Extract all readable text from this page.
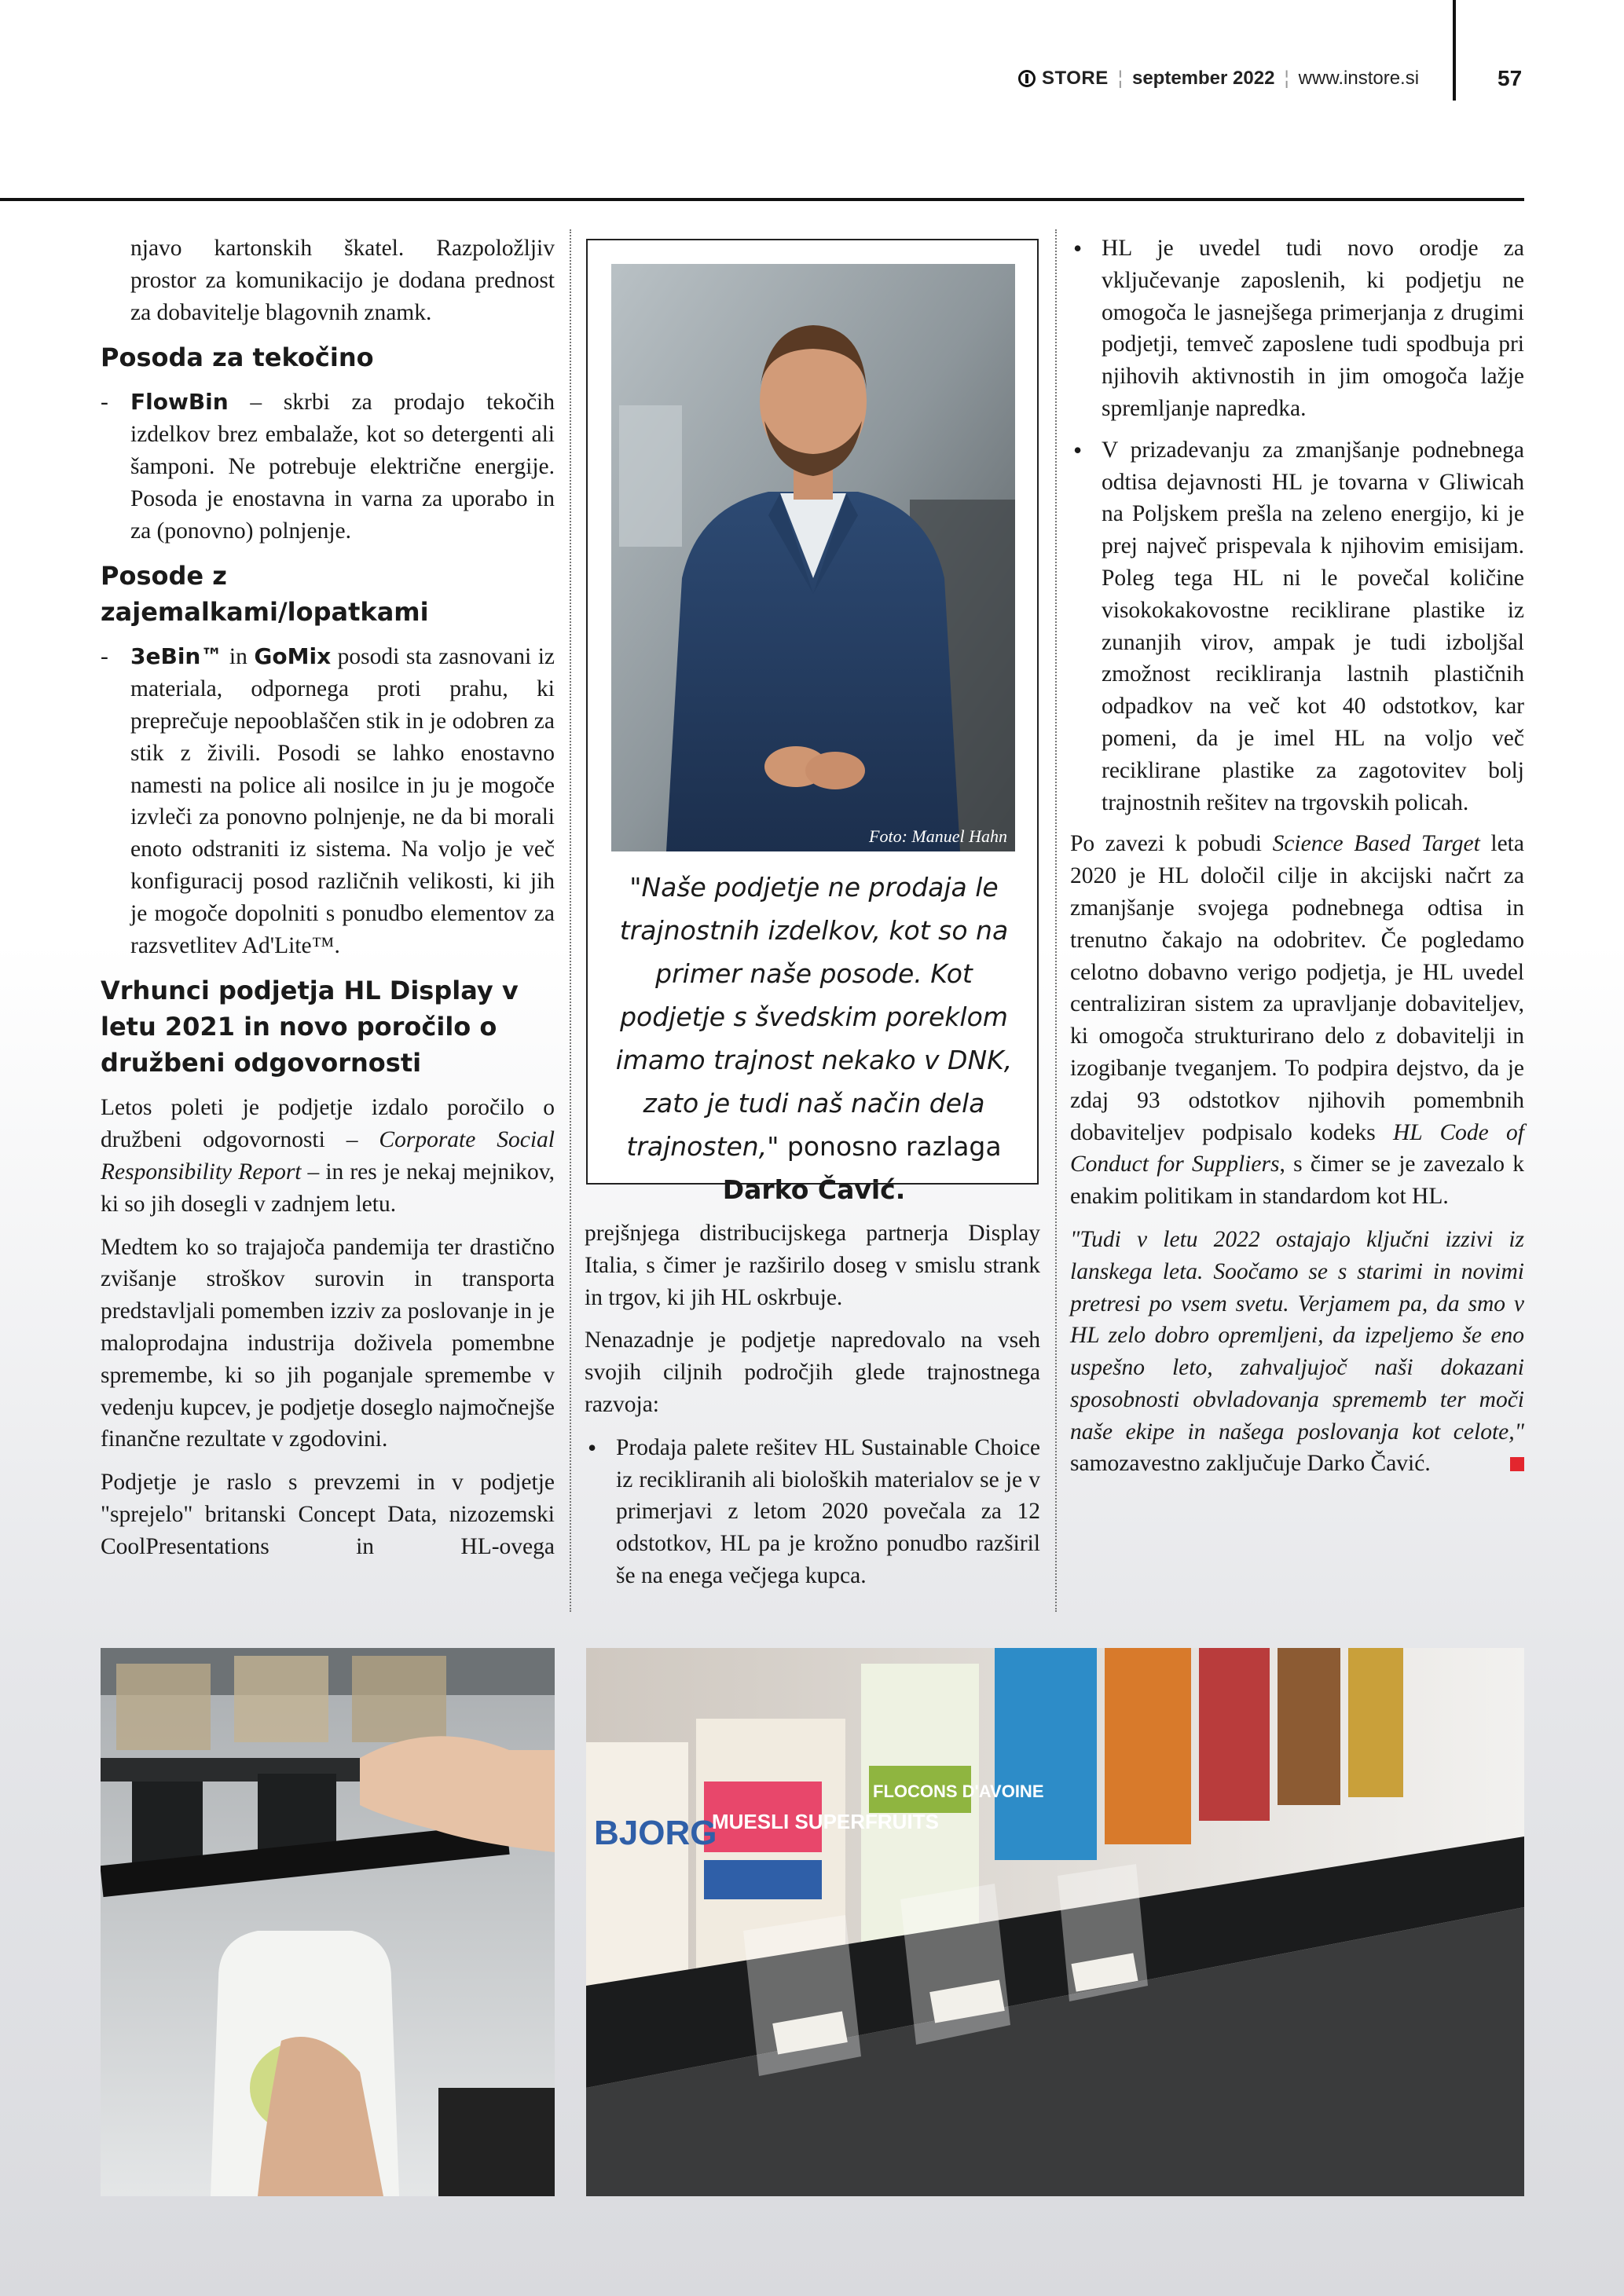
STORE ¦ september 2022 ¦ www.instore.si	57

njavo kartonskih škatel. Razpoložljiv

prostor za komunikacijo je dodana prednost za dobavitelje blagovnih znamk.

Posoda za tekočino
- FlowBin – skrbi za prodajo tekočih izdelkov brez embalaže, kot so detergenti ali šamponi. Ne potrebuje električne energije. Posoda je enostavna in varna za uporabo in za (ponovno) polnjenje.
Posode z zajemalkami/lopatkami
- 3eBin™ in GoMix posodi sta zasnovani iz materiala, odpornega proti prahu, ki preprečuje nepooblaščen stik in je odobren za stik z živili. Posodi se lahko enostavno namesti na police ali nosilce in ju je mogoče izvleči za ponovno polnjenje, ne da bi morali enoto odstraniti iz sistema. Na voljo je več konfiguracij posod različnih velikosti, ki jih je mogoče dopolniti s ponudbo elementov za razsvetlitev Ad'Lite™.
Vrhunci podjetja HL Display v letu 2021 in novo poročilo o družbeni odgovornosti

Letos poleti je podjetje izdalo poročilo o družbeni odgovornosti – Corporate Social Responsibility Report – in res je nekaj mejnikov, ki so jih dosegli v zadnjem letu.

Medtem ko so trajajoča pandemija ter drastično zvišanje stroškov surovin in transporta predstavljali pomemben izziv za poslovanje in je maloprodajna industrija doživela pomembne spremembe, ki so jih poganjale spremembe v vedenju kupcev, je podjetje doseglo najmočnejše finančne rezultate v zgodovini.

Podjetje je raslo s prevzemi in v podjetje "sprejelo" britanski Concept Data, nizozemski CoolPresentations in HL-ovega

Foto: Manuel Hahn
"Naše podjetje ne prodaja le trajnostnih izdelkov, kot so na primer naše posode. Kot podjetje s švedskim poreklom imamo trajnost nekako v DNK, zato je tudi naš način dela trajnosten," ponosno razlaga Darko Čavić.

prejšnjega distribucijskega partnerja Display Italia, s čimer je razširilo doseg v smislu strank in trgov, ki jih HL oskrbuje.

Nenazadnje je podjetje napredovalo na vseh svojih ciljnih področjih glede trajnostnega razvoja:

• Prodaja palete rešitev HL Sustainable Choice iz recikliranih ali bioloških materialov se je v primerjavi z letom 2020 povečala za 12 odstotkov, HL pa je krožno ponudbo razširil še na enega večjega kupca.
• HL je uvedel tudi novo orodje za vključevanje zaposlenih, ki podjetju ne omogoča le jasnejšega primerjanja z drugimi podjetji, temveč zaposlene tudi spodbuja pri njihovih aktivnostih in jim omogoča lažje spremljanje napredka.
• V prizadevanju za zmanjšanje podnebnega odtisa dejavnosti HL je tovarna v Gliwicah na Poljskem prešla na zeleno energijo, ki je prej največ prispevala k njihovim emisijam. Poleg tega HL ni le povečal količine visokokakovostne reciklirane plastike iz zunanjih virov, ampak je tudi izboljšal zmožnost recikliranja lastnih plastičnih odpadkov na več kot 40 odstotkov, kar pomeni, da je imel HL na voljo več reciklirane plastike za zagotovitev bolj trajnostnih rešitev na trgovskih policah.

Po zavezi k pobudi Science Based Target leta 2020 je HL določil cilje in akcijski načrt za zmanjšanje svojega podnebnega odtisa in trenutno čakajo na odobritev. Če pogledamo celotno dobavno verigo podjetja, je HL uvedel centraliziran sistem za upravljanje dobaviteljev, ki omogoča strukturirano delo z dobavitelji in izogibanje tveganjem. To podpira dejstvo, da je zdaj 93 odstotkov njihovih pomembnih dobaviteljev podpisalo kodeks HL Code of Conduct for Suppliers, s čimer se je zavezalo k enakim politikam in standardom kot HL.

"Tudi v letu 2022 ostajajo ključni izzivi iz lanskega leta. Soočamo se s starimi in novimi pretresi po vsem svetu. Verjamem pa, da smo v HL zelo dobro opremljeni, da izpeljemo še eno uspešno leto, zahvaljujoč naši dokazani sposobnosti obvladovanja sprememb ter moči naše ekipe in našega poslovanja kot celote," samozavestno zaključuje Darko Čavić.

BJORG
MUESLI SUPERFRUITS
FLOCONS D'AVOINE
